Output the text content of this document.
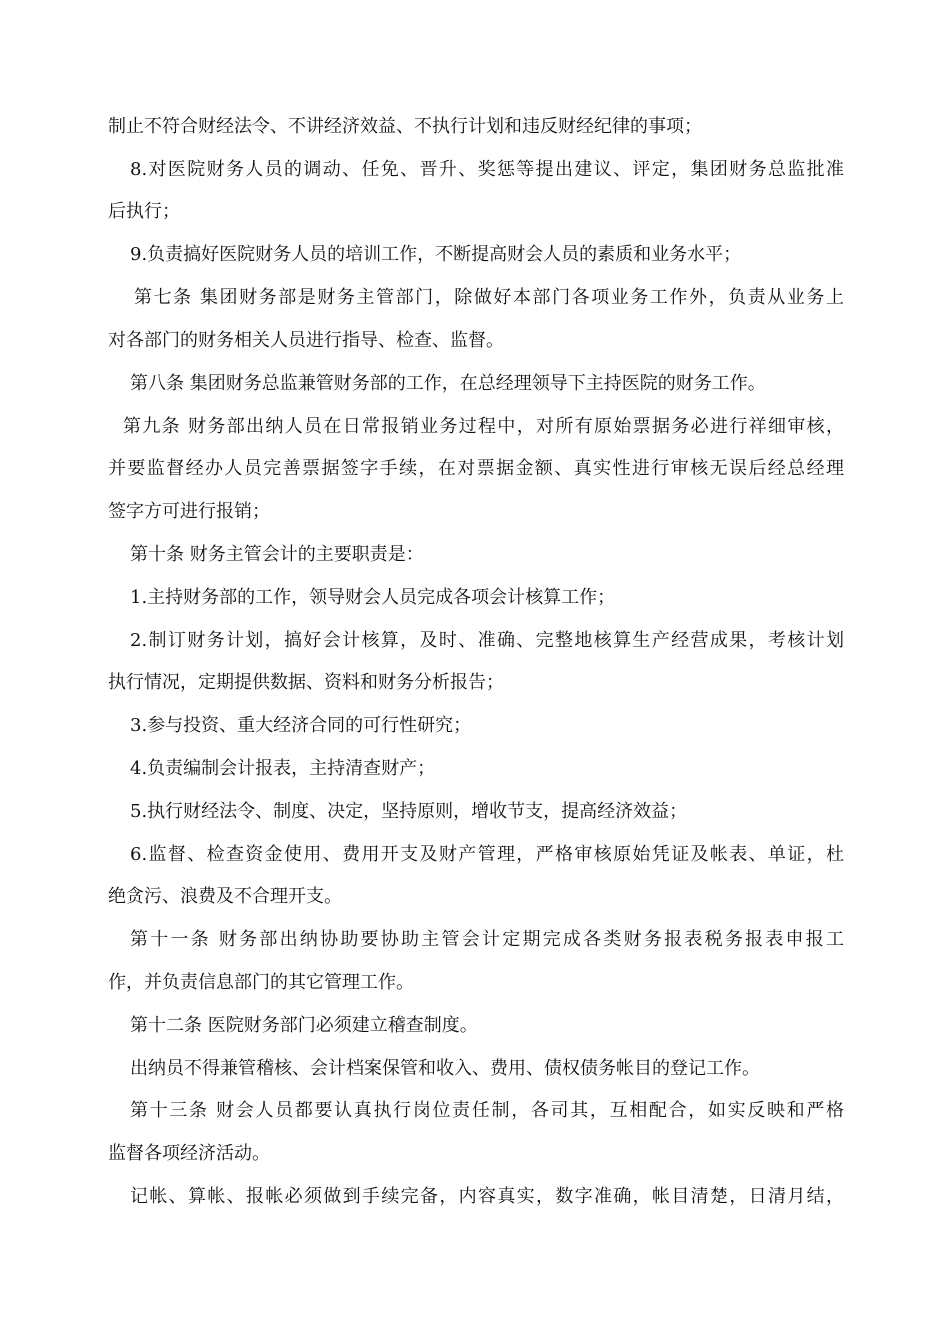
制止不符合财经法令、不讲经济效益、不执行计划和违反财经纪律的事项；
8.对医院财务人员的调动、任免、晋升、奖惩等提出建议、评定，集团财务总监批准
后执行；
9.负责搞好医院财务人员的培训工作，不断提高财会人员的素质和业务水平；
第七条 集团财务部是财务主管部门，除做好本部门各项业务工作外，负责从业务上
对各部门的财务相关人员进行指导、检查、监督。
第八条 集团财务总监兼管财务部的工作，在总经理领导下主持医院的财务工作。
第九条 财务部出纳人员在日常报销业务过程中，对所有原始票据务必进行祥细审核，
并要监督经办人员完善票据签字手续，在对票据金额、真实性进行审核无误后经总经理
签字方可进行报销；
第十条 财务主管会计的主要职责是：
1.主持财务部的工作，领导财会人员完成各项会计核算工作；
2.制订财务计划，搞好会计核算，及时、准确、完整地核算生产经营成果，考核计划
执行情况，定期提供数据、资料和财务分析报告；
3.参与投资、重大经济合同的可行性研究；
4.负责编制会计报表，主持清查财产；
5.执行财经法令、制度、决定，坚持原则，增收节支，提高经济效益；
6.监督、检查资金使用、费用开支及财产管理，严格审核原始凭证及帐表、单证，杜
绝贪污、浪费及不合理开支。
第十一条 财务部出纳协助要协助主管会计定期完成各类财务报表税务报表申报工
作，并负责信息部门的其它管理工作。
第十二条 医院财务部门必须建立稽查制度。
出纳员不得兼管稽核、会计档案保管和收入、费用、债权债务帐目的登记工作。
第十三条 财会人员都要认真执行岗位责任制，各司其，互相配合，如实反映和严格
监督各项经济活动。
记帐、算帐、报帐必须做到手续完备，内容真实，数字准确，帐目清楚，日清月结，
